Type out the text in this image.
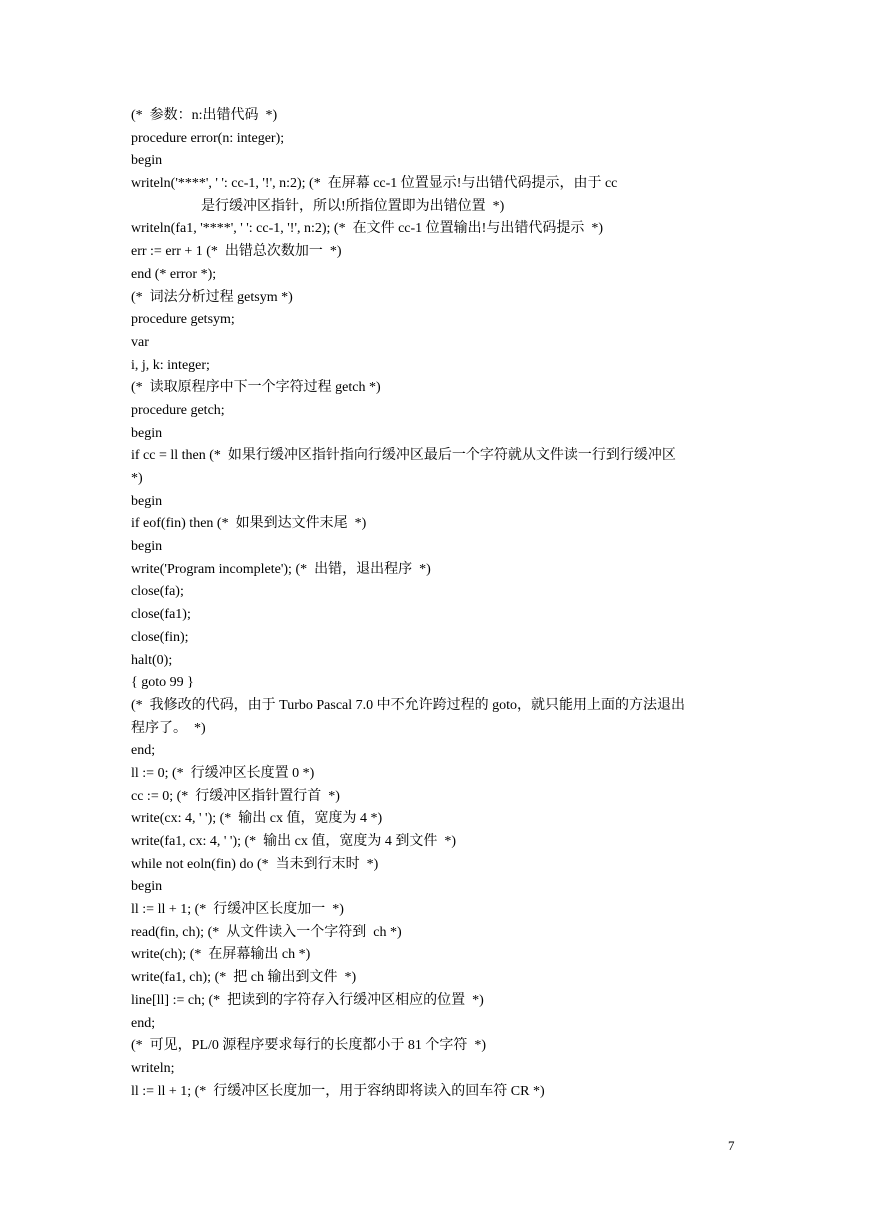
(*  参数：n:出错代码  *)
procedure error(n: integer);
begin
writeln('****', ' ': cc-1, '!', n:2); (*  在屏幕 cc-1 位置显示!与出错代码提示，由于 cc
是行缓冲区指针，所以!所指位置即为出错位置  *)
writeln(fa1, '****', ' ': cc-1, '!', n:2); (*  在文件 cc-1 位置输出!与出错代码提示  *)
err := err + 1 (*  出错总次数加一  *)
end (* error *);
(*  词法分析过程 getsym *)
procedure getsym;
var
i, j, k: integer;
(*  读取原程序中下一个字符过程 getch *)
procedure getch;
begin
if cc = ll then (*  如果行缓冲区指针指向行缓冲区最后一个字符就从文件读一行到行缓冲区
*)
begin
if eof(fin) then (*  如果到达文件末尾  *)
begin
write('Program incomplete'); (*  出错，退出程序  *)
close(fa);
close(fa1);
close(fin);
halt(0);
{ goto 99 }
(*  我修改的代码，由于 Turbo Pascal 7.0 中不允许跨过程的 goto，就只能用上面的方法退出
程序了。  *)
end;
ll := 0; (*  行缓冲区长度置 0 *)
cc := 0; (*  行缓冲区指针置行首  *)
write(cx: 4, ' '); (*  输出 cx 值，宽度为 4 *)
write(fa1, cx: 4, ' '); (*  输出 cx 值，宽度为 4 到文件  *)
while not eoln(fin) do (*  当未到行末时  *)
begin
ll := ll + 1; (*  行缓冲区长度加一  *)
read(fin, ch); (*  从文件读入一个字符到  ch *)
write(ch); (*  在屏幕输出 ch *)
write(fa1, ch); (*  把 ch 输出到文件  *)
line[ll] := ch; (*  把读到的字符存入行缓冲区相应的位置  *)
end;
(*  可见，PL/0 源程序要求每行的长度都小于 81 个字符  *)
writeln;
ll := ll + 1; (*  行缓冲区长度加一，用于容纳即将读入的回车符 CR *)
7
